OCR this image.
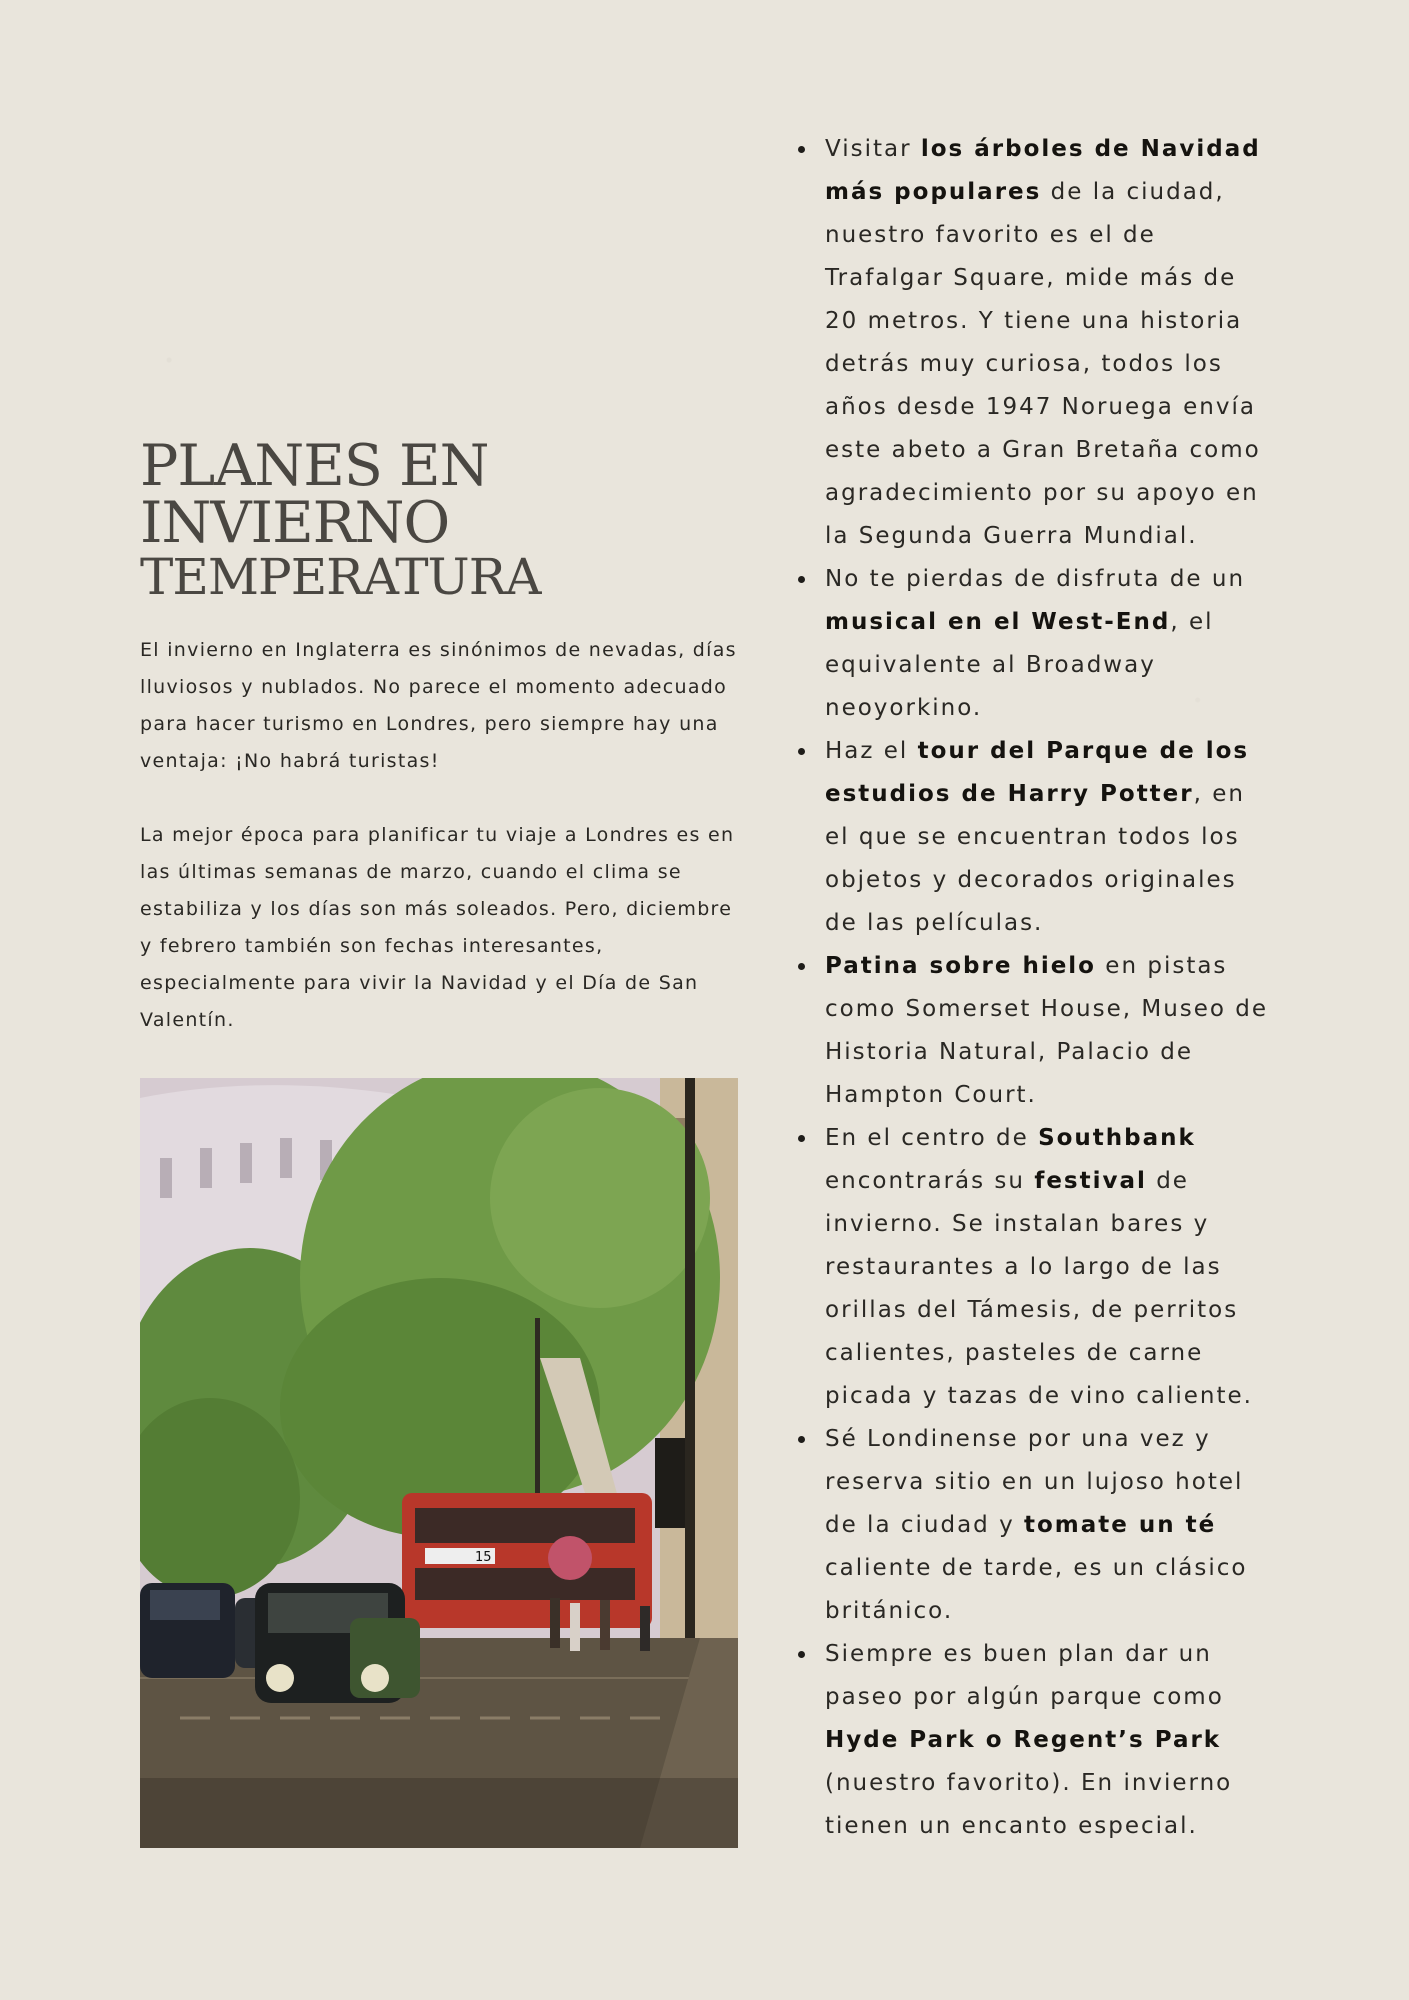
PLANES EN INVIERNO
TEMPERATURA

El invierno en Inglaterra es sinónimos de nevadas, días lluviosos y nublados. No parece el momento adecuado para hacer turismo en Londres, pero siempre hay una ventaja: ¡No habrá turistas!

La mejor época para planificar tu viaje a Londres es en las últimas semanas de marzo, cuando el clima se estabiliza y los días son más soleados. Pero, diciembre y febrero también son fechas interesantes, especialmente para vivir la Navidad y el Día de San Valentín.

15
Visitar los árboles de Navidad más populares de la ciudad, nuestro favorito es el de Trafalgar Square, mide más de 20 metros. Y tiene una historia detrás muy curiosa, todos los años desde 1947 Noruega envía este abeto a Gran Bretaña como agradecimiento por su apoyo en la Segunda Guerra Mundial.
No te pierdas de disfruta de un musical en el West-End, el equivalente al Broadway neoyorkino.
Haz el tour del Parque de los estudios de Harry Potter, en el que se encuentran todos los objetos y decorados originales de las películas.
Patina sobre hielo en pistas como Somerset House, Museo de Historia Natural, Palacio de Hampton Court.
En el centro de Southbank encontrarás su festival de invierno. Se instalan bares y restaurantes a lo largo de las orillas del Támesis, de perritos calientes, pasteles de carne picada y tazas de vino caliente.
Sé Londinense por una vez y reserva sitio en un lujoso hotel de la ciudad y tomate un té caliente de tarde, es un clásico británico.
Siempre es buen plan dar un paseo por algún parque como Hyde Park o Regent’s Park (nuestro favorito). En invierno tienen un encanto especial.
